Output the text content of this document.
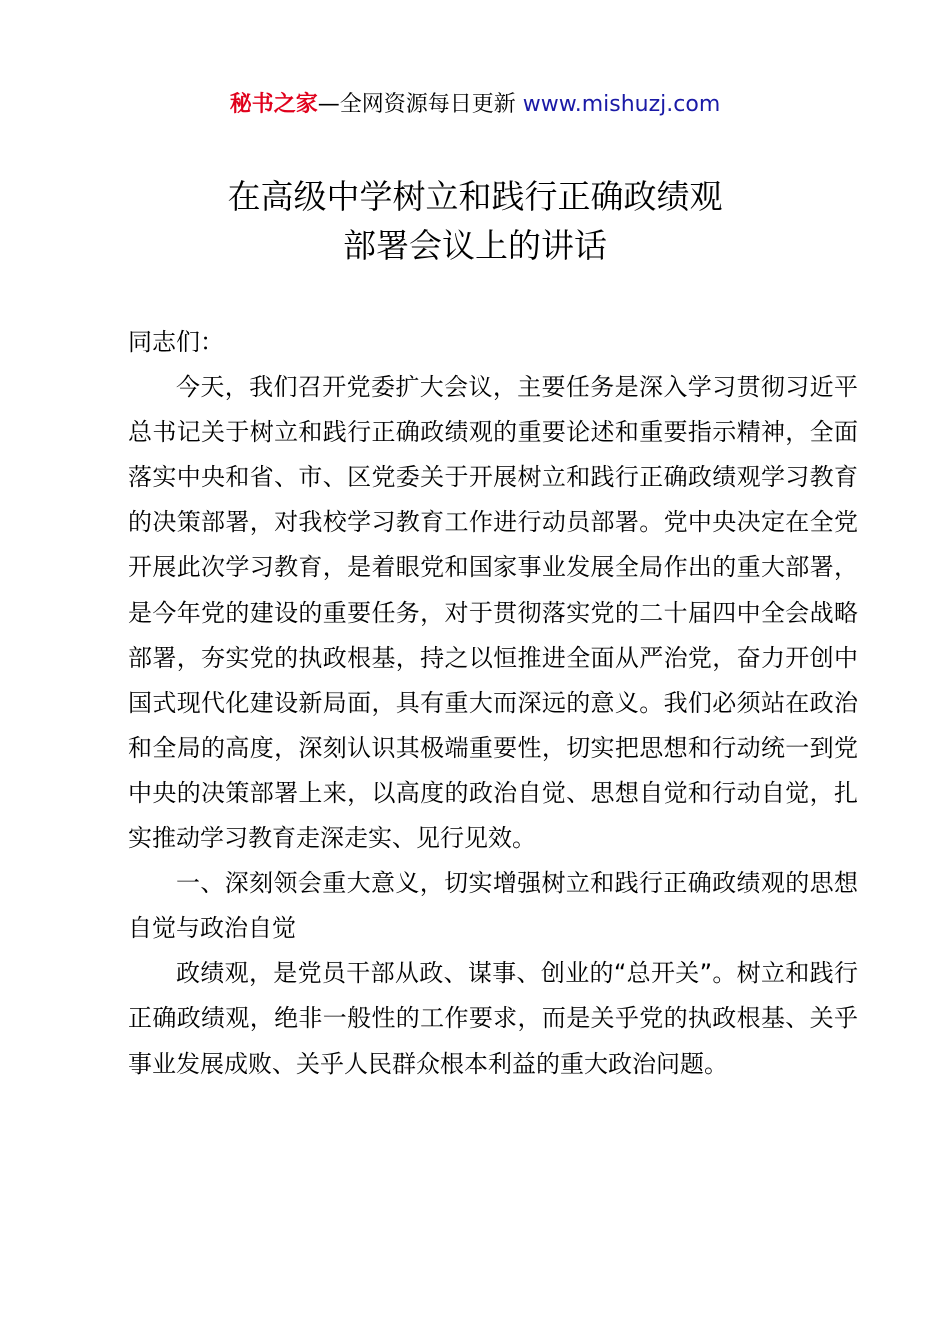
秘书之家—全网资源每日更新 www.mishuzj.com
在高级中学树立和践行正确政绩观
部署会议上的讲话

同志们：

今天，我们召开党委扩大会议，主要任务是深入学习贯彻习近平总书记关于树立和践行正确政绩观的重要论述和重要指示精神，全面落实中央和省、市、区党委关于开展树立和践行正确政绩观学习教育的决策部署，对我校学习教育工作进行动员部署。党中央决定在全党开展此次学习教育，是着眼党和国家事业发展全局作出的重大部署，是今年党的建设的重要任务，对于贯彻落实党的二十届四中全会战略部署，夯实党的执政根基，持之以恒推进全面从严治党，奋力开创中国式现代化建设新局面，具有重大而深远的意义。我们必须站在政治和全局的高度，深刻认识其极端重要性，切实把思想和行动统一到党中央的决策部署上来，以高度的政治自觉、思想自觉和行动自觉，扎实推动学习教育走深走实、见行见效。

一、深刻领会重大意义，切实增强树立和践行正确政绩观的思想自觉与政治自觉

政绩观，是党员干部从政、谋事、创业的“总开关”。树立和践行正确政绩观，绝非一般性的工作要求，而是关乎党的执政根基、关乎事业发展成败、关乎人民群众根本利益的重大政治问题。
